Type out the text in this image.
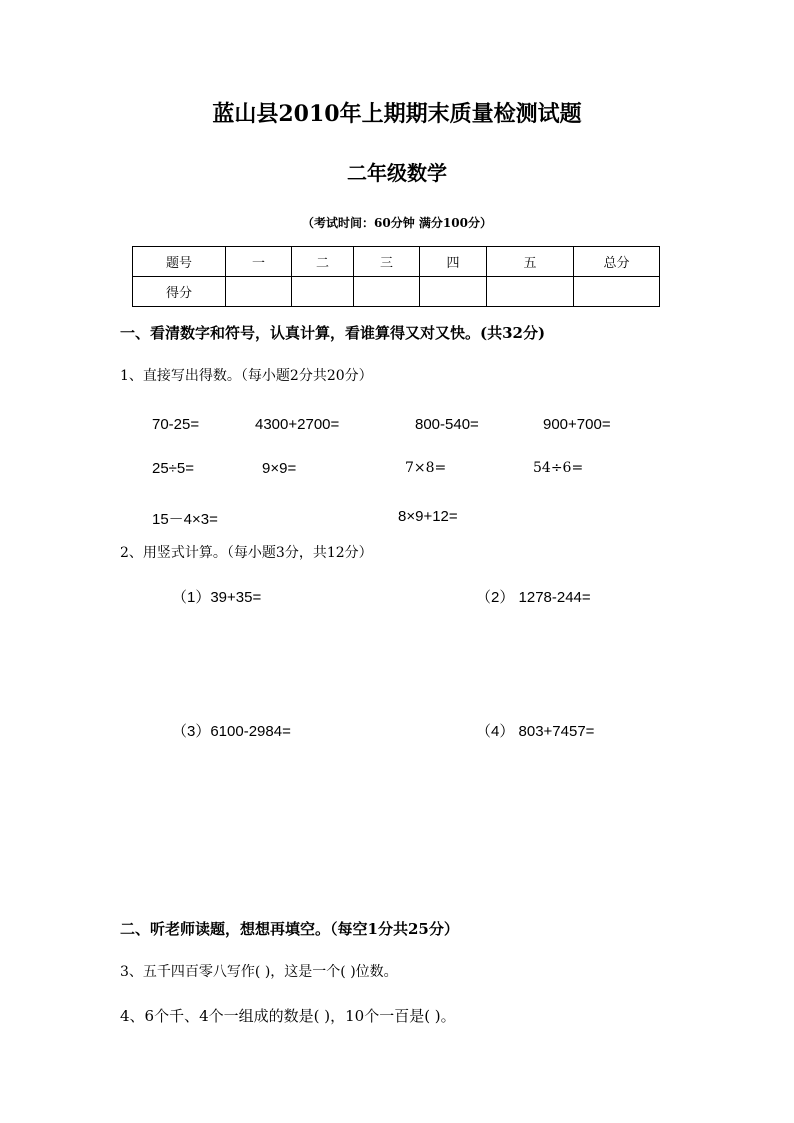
蓝山县2010年上期期末质量检测试题
二年级数学
（考试时间：60分钟 满分100分）
题号	一	二	三	四	五	总分
得分						
一、看清数字和符号，认真计算，看谁算得又对又快。(共32分)
1、直接写出得数。（每小题2分共20分）
70-25=	4300+2700=	800-540=	900+700=
25÷5=	9×9=	7×8=	54÷6=
15－4×3=	8×9+12=
2、用竖式计算。（每小题3分，共12分）
（1）39+35=	（2） 1278-244=
（3）6100-2984=	（4） 803+7457=
二、听老师读题，想想再填空。（每空1分共25分）
3、五千四百零八写作( )，这是一个( )位数。
4、6个千、4个一组成的数是( )，10个一百是( )。
